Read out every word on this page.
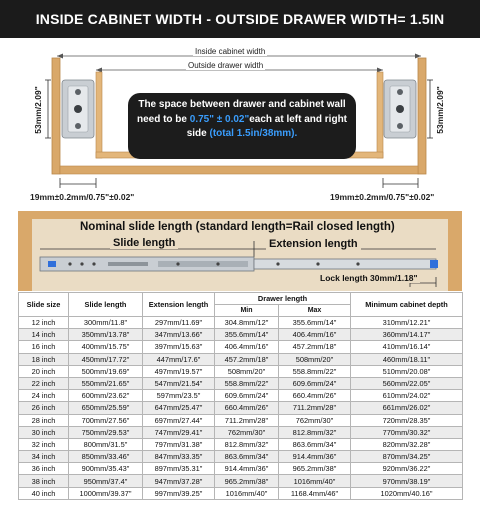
INSIDE CABINET WIDTH - OUTSIDE DRAWER WIDTH= 1.5IN
Inside cabinet width
Outside drawer width
53mm/2.09"	53mm/2.09"
The space between drawer and cabinet wall
need to be 0.75" ± 0.02"each at left and right
side (total 1.5in/38mm).
19mm±0.2mm/0.75"±0.02"	19mm±0.2mm/0.75"±0.02"
Nominal slide length (standard length=Rail closed length)
Slide length	Extension length
Lock length 30mm/1.18"
Slide size	Slide length	Extension length	Drawer length		Minimum cabinet depth
			Min	Max	
12 inch	300mm/11.8"	297mm/11.69"	304.8mm/12"	355.6mm/14"	310mm/12.21"
14 inch	350mm/13.78"	347mm/13.66"	355.6mm/14"	406.4mm/16"	360mm/14.17"
16 inch	400mm/15.75"	397mm/15.63"	406.4mm/16"	457.2mm/18"	410mm/16.14"
18 inch	450mm/17.72"	447mm/17.6"	457.2mm/18"	508mm/20"	460mm/18.11"
20 inch	500mm/19.69"	497mm/19.57"	508mm/20"	558.8mm/22"	510mm/20.08"
22 inch	550mm/21.65"	547mm/21.54"	558.8mm/22"	609.6mm/24"	560mm/22.05"
24 inch	600mm/23.62"	597mm/23.5"	609.6mm/24"	660.4mm/26"	610mm/24.02"
26 inch	650mm/25.59"	647mm/25.47"	660.4mm/26"	711.2mm/28"	661mm/26.02"
28 inch	700mm/27.56"	697mm/27.44"	711.2mm/28"	762mm/30"	720mm/28.35"
30 inch	750mm/29.53"	747mm/29.41"	762mm/30"	812.8mm/32"	770mm/30.32"
32 inch	800mm/31.5"	797mm/31.38"	812.8mm/32"	863.6mm/34"	820mm/32.28"
34 inch	850mm/33.46"	847mm/33.35"	863.6mm/34"	914.4mm/36"	870mm/34.25"
36 inch	900mm/35.43"	897mm/35.31"	914.4mm/36"	965.2mm/38"	920mm/36.22"
38 inch	950mm/37.4"	947mm/37.28"	965.2mm/38"	1016mm/40"	970mm/38.19"
40 inch	1000mm/39.37"	997mm/39.25"	1016mm/40"	1168.4mm/46"	1020mm/40.16"
